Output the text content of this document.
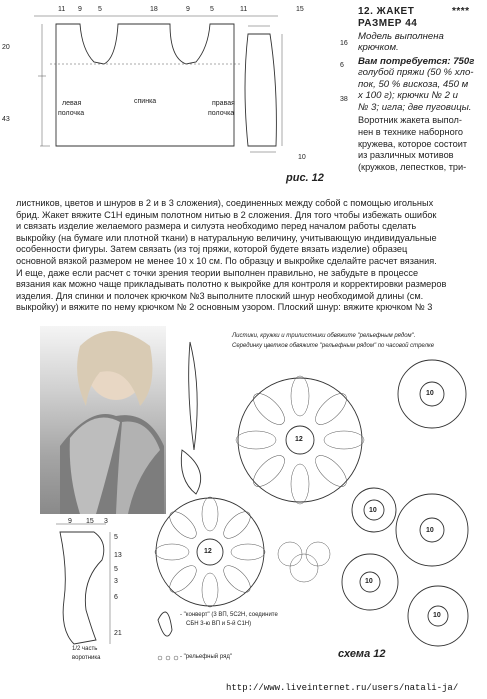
11 9 5	18	9	5	11
20
43
левая
полочка
спинка	правая
полочка
15
16
6
38
10
рис. 12
12. ЖАКЕТ	****
РАЗМЕР 44
Модель выполнена
крючком.
Вам потребуется: 750г
голубой пряжи (50 % хло-
пок, 50 % вискоза, 450 м
х 100 г); крючки № 2 и
№ 3; игла; две пуговицы.
Воротник жакета выпол-
нен в технике наборного
кружева, которое состоит
из различных мотивов
(кружков, лепестков, три-
листников, цветов и шнуров в 2 и в 3 сложения), соединенных между собой с помощью игольных
брид. Жакет вяжите С1Н единым полотном нитью в 2 сложения. Для того чтобы избежать ошибок
и связать изделие желаемого размера и силуэта необходимо перед началом работы сделать
выкройку (на бумаге или плотной ткани) в натуральную величину, учитывающую индивидуальные
особенности фигуры. Затем связать (из тој пряжи, которой будете вязать изделие) образец
основной вязкой размером не менее 10 х 10 см. По образцу и выкройке сделайте расчет вязания.
И еще, даже если расчет с точки зрения теории выполнен правильно, не забудьте в процессе
вязания как можно чаще прикладывать полотно к выкройке для контроля и корректировки размеров
изделия. Для спинки и полочек крючком №3 выполните плоский шнур необходимой длины (см.
выкройку) и вяжите по нему крючком № 2 основным узором. Плоский шнур: вяжите крючком № 3
9 15 3
5
13
5
3
6
21
1/2 часть
воротника
Листики, кружки и трилистники обвяжите "рельефным рядом".
Серединку цветков обвяжите "рельефным рядом" по часовой стрелке
12
10
10
12
10
10
10
- "конверт" (3 ВП, 5С2Н, соедините
СБН 3-ю ВП и 5-й С1Н)
- "рельефный ряд"	схема 12
http://www.liveinternet.ru/users/natali-ja/
